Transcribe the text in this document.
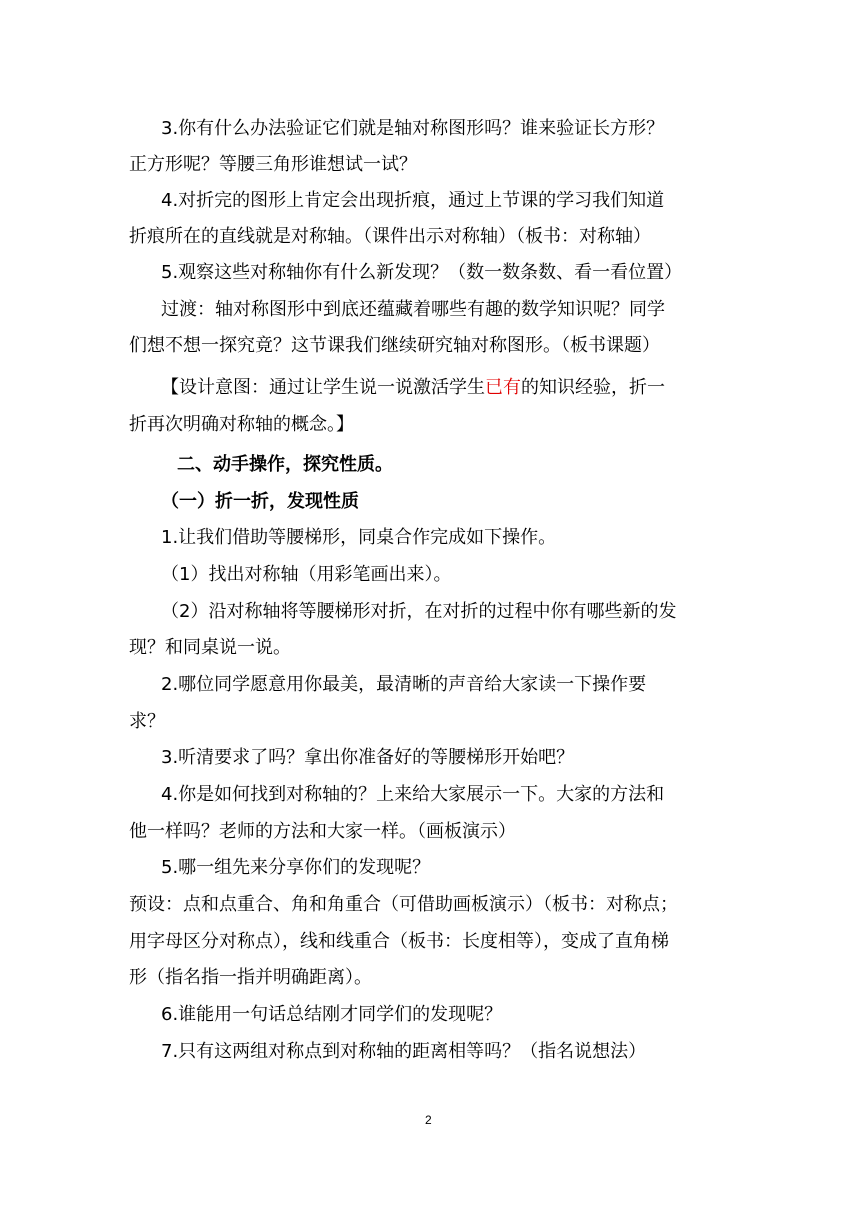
3.你有什么办法验证它们就是轴对称图形吗？谁来验证长方形？
正方形呢？等腰三角形谁想试一试？
4.对折完的图形上肯定会出现折痕，通过上节课的学习我们知道
折痕所在的直线就是对称轴。（课件出示对称轴）（板书：对称轴）
5.观察这些对称轴你有什么新发现？（数一数条数、看一看位置）
过渡：轴对称图形中到底还蕴藏着哪些有趣的数学知识呢？同学
们想不想一探究竟？这节课我们继续研究轴对称图形。（板书课题）
【设计意图：通过让学生说一说激活学生已有的知识经验，折一
折再次明确对称轴的概念。】
二、动手操作，探究性质。
（一）折一折，发现性质
1.让我们借助等腰梯形，同桌合作完成如下操作。
（1）找出对称轴（用彩笔画出来）。
（2）沿对称轴将等腰梯形对折，在对折的过程中你有哪些新的发
现？和同桌说一说。
2.哪位同学愿意用你最美，最清晰的声音给大家读一下操作要
求？
3.听清要求了吗？拿出你准备好的等腰梯形开始吧？
4.你是如何找到对称轴的？上来给大家展示一下。大家的方法和
他一样吗？老师的方法和大家一样。（画板演示）
5.哪一组先来分享你们的发现呢？
预设：点和点重合、角和角重合（可借助画板演示）（板书：对称点；
用字母区分对称点），线和线重合（板书：长度相等），变成了直角梯
形（指名指一指并明确距离）。
6.谁能用一句话总结刚才同学们的发现呢？
7.只有这两组对称点到对称轴的距离相等吗？（指名说想法）
2
